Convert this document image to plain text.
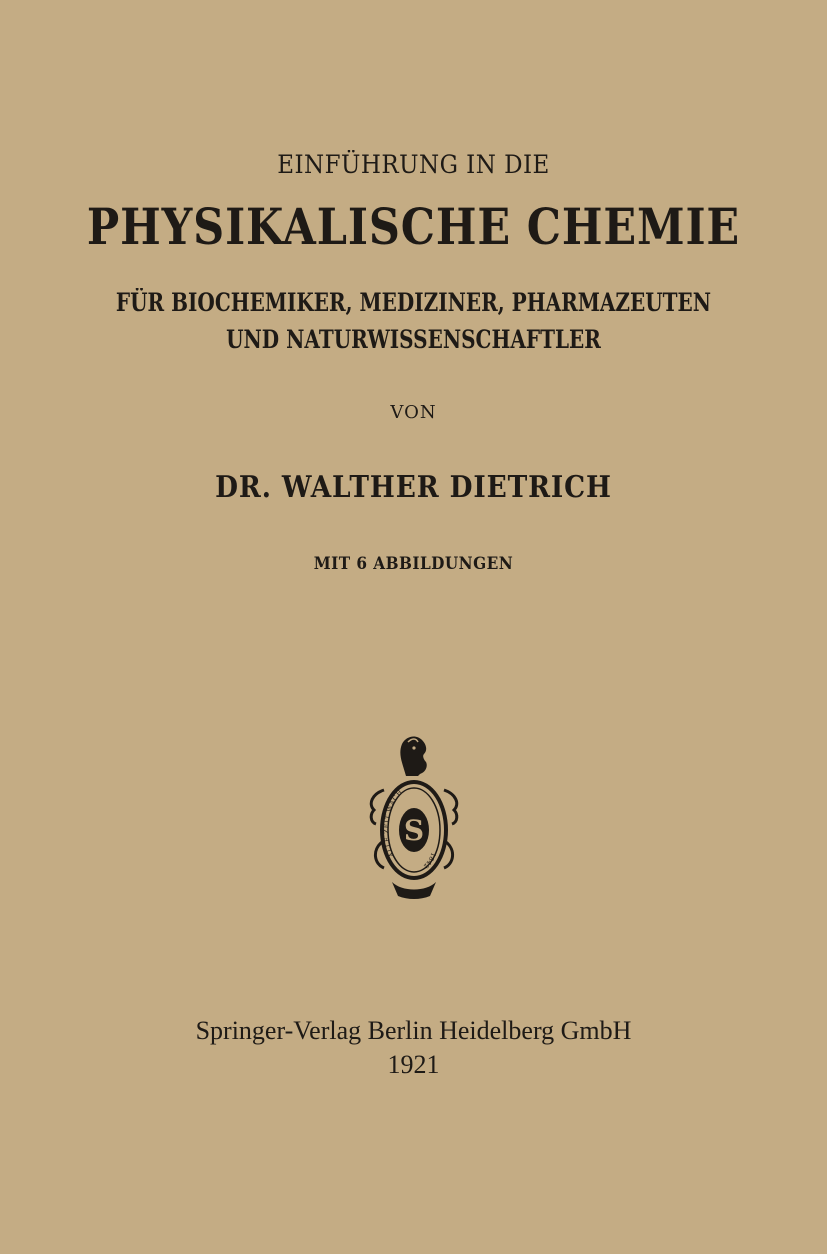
EINFÜHRUNG IN DIE
PHYSIKALISCHE CHEMIE
FÜR BIOCHEMIKER, MEDIZINER, PHARMAZEUTEN
UND NATURWISSENSCHAFTLER
VON
DR. WALTHER DIETRICH
MIT 6 ABBILDUNGEN
S
ALLE ZEIT WACH
1842
Springer-Verlag Berlin Heidelberg GmbH
1921
